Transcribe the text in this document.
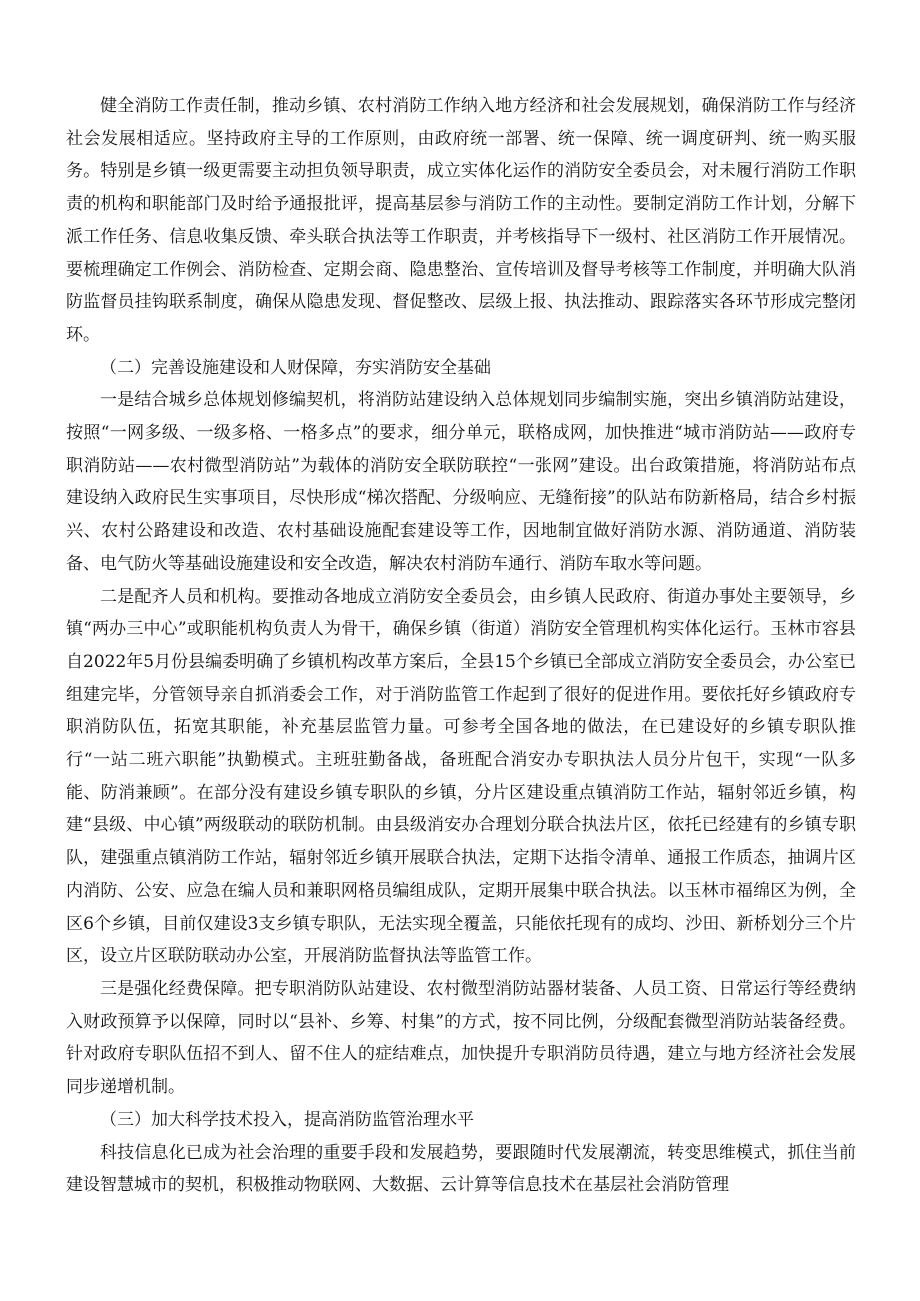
健全消防工作责任制，推动乡镇、农村消防工作纳入地方经济和社会发展规划，确保消防工作与经济社会发展相适应。坚持政府主导的工作原则，由政府统一部署、统一保障、统一调度研判、统一购买服务。特别是乡镇一级更需要主动担负领导职责，成立实体化运作的消防安全委员会，对未履行消防工作职责的机构和职能部门及时给予通报批评，提高基层参与消防工作的主动性。要制定消防工作计划，分解下派工作任务、信息收集反馈、牵头联合执法等工作职责，并考核指导下一级村、社区消防工作开展情况。要梳理确定工作例会、消防检查、定期会商、隐患整治、宣传培训及督导考核等工作制度，并明确大队消防监督员挂钩联系制度，确保从隐患发现、督促整改、层级上报、执法推动、跟踪落实各环节形成完整闭环。

（二）完善设施建设和人财保障，夯实消防安全基础

一是结合城乡总体规划修编契机，将消防站建设纳入总体规划同步编制实施，突出乡镇消防站建设，按照“一网多级、一级多格、一格多点”的要求，细分单元，联格成网，加快推进“城市消防站——政府专职消防站——农村微型消防站”为载体的消防安全联防联控“一张网”建设。出台政策措施，将消防站布点建设纳入政府民生实事项目，尽快形成“梯次搭配、分级响应、无缝衔接”的队站布防新格局，结合乡村振兴、农村公路建设和改造、农村基础设施配套建设等工作，因地制宜做好消防水源、消防通道、消防装备、电气防火等基础设施建设和安全改造，解决农村消防车通行、消防车取水等问题。

二是配齐人员和机构。要推动各地成立消防安全委员会，由乡镇人民政府、街道办事处主要领导，乡镇“两办三中心”或职能机构负责人为骨干，确保乡镇（街道）消防安全管理机构实体化运行。玉林市容县自2022年5月份县编委明确了乡镇机构改革方案后，全县15个乡镇已全部成立消防安全委员会，办公室已组建完毕，分管领导亲自抓消委会工作，对于消防监管工作起到了很好的促进作用。要依托好乡镇政府专职消防队伍，拓宽其职能，补充基层监管力量。可参考全国各地的做法，在已建设好的乡镇专职队推行“一站二班六职能”执勤模式。主班驻勤备战，备班配合消安办专职执法人员分片包干，实现“一队多能、防消兼顾”。在部分没有建设乡镇专职队的乡镇，分片区建设重点镇消防工作站，辐射邻近乡镇，构建“县级、中心镇”两级联动的联防机制。由县级消安办合理划分联合执法片区，依托已经建有的乡镇专职队，建强重点镇消防工作站，辐射邻近乡镇开展联合执法，定期下达指令清单、通报工作质态，抽调片区内消防、公安、应急在编人员和兼职网格员编组成队，定期开展集中联合执法。以玉林市福绵区为例，全区6个乡镇，目前仅建设3支乡镇专职队，无法实现全覆盖，只能依托现有的成均、沙田、新桥划分三个片区，设立片区联防联动办公室，开展消防监督执法等监管工作。

三是强化经费保障。把专职消防队站建设、农村微型消防站器材装备、人员工资、日常运行等经费纳入财政预算予以保障，同时以“县补、乡筹、村集”的方式，按不同比例，分级配套微型消防站装备经费。针对政府专职队伍招不到人、留不住人的症结难点，加快提升专职消防员待遇，建立与地方经济社会发展同步递增机制。

（三）加大科学技术投入，提高消防监管治理水平

科技信息化已成为社会治理的重要手段和发展趋势，要跟随时代发展潮流，转变思维模式，抓住当前建设智慧城市的契机，积极推动物联网、大数据、云计算等信息技术在基层社会消防管理
